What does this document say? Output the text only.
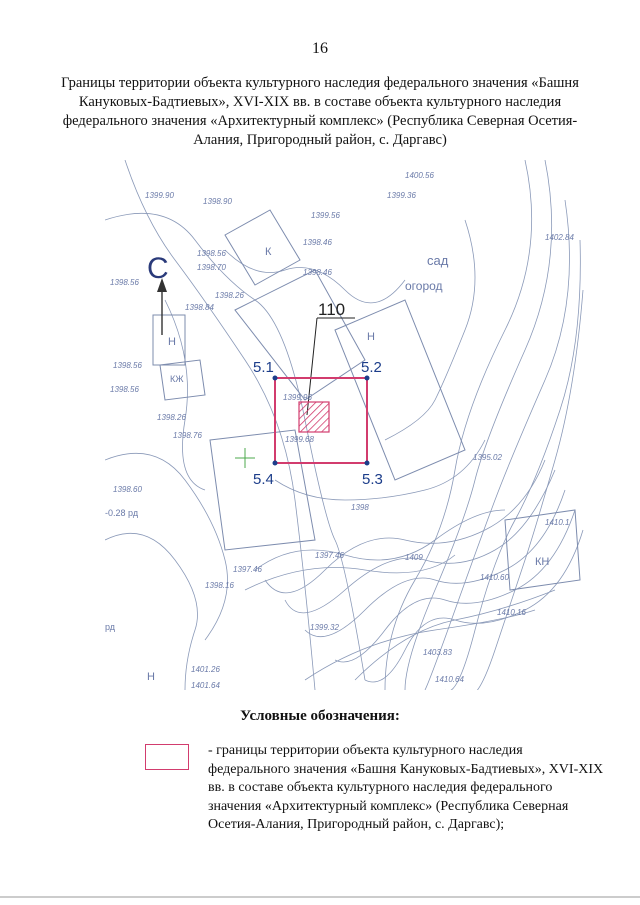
16
Границы территории объекта культурного наследия федерального значения «Башня Кануковых-Бадтиевых», XVI-XIX вв. в составе объекта культурного наследия федерального значения «Архитектурный комплекс» (Республика Северная Осетия-Алания, Пригородный район, с. Даргавс)
С
110
5.1	5.2
5.3
5.4
1399.90
1398.90
1398.56
1398.70
1398.56
1398.26
1398.84
1398.56
1398.56
1398.26
1398.76
1398.60
1398.16
1401.26
1401.64
1399.96
1399.68
1398.46
1398.46
1399.56
1400.56
1399.36
1402.84
1395.02
1410.60
1410.16
1403.83
1410.64
1397.46
1397.46
1398
1409
1410.1
1399.32
сад
огород
Н	Н
Н
КН
К
КЖ
рд
-0.28 рд
Условные обозначения:
- границы территории объекта культурного наследия федерального значения «Башня Кануковых-Бадтиевых», XVI-XIX вв. в составе объекта культурного наследия федерального значения «Архитектурный комплекс» (Республика Северная Осетия-Алания, Пригородный район, с. Даргавс);
